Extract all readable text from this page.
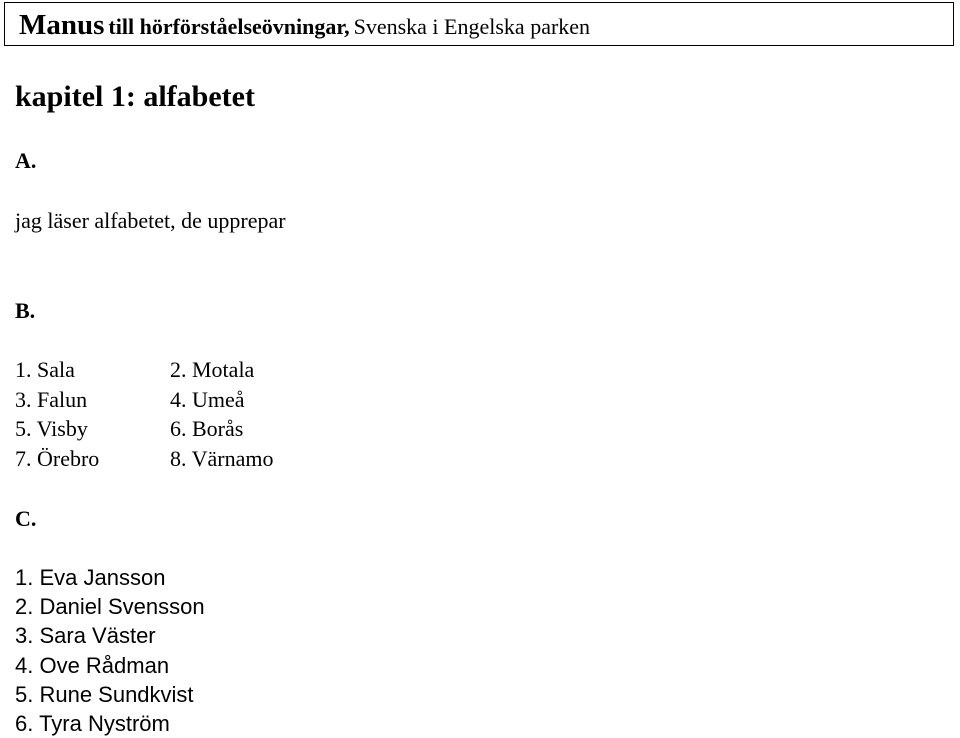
Manus till hörförståelseövningar, Svenska i Engelska parken
kapitel 1: alfabetet
A.
jag läser alfabetet, de upprepar
B.
1. Sala	2. Motala
3. Falun	4. Umeå
5. Visby	6. Borås
7. Örebro	8. Värnamo
C.
1. Eva Jansson
2. Daniel Svensson
3. Sara Väster
4. Ove Rådman
5. Rune Sundkvist
6. Tyra Nyström
